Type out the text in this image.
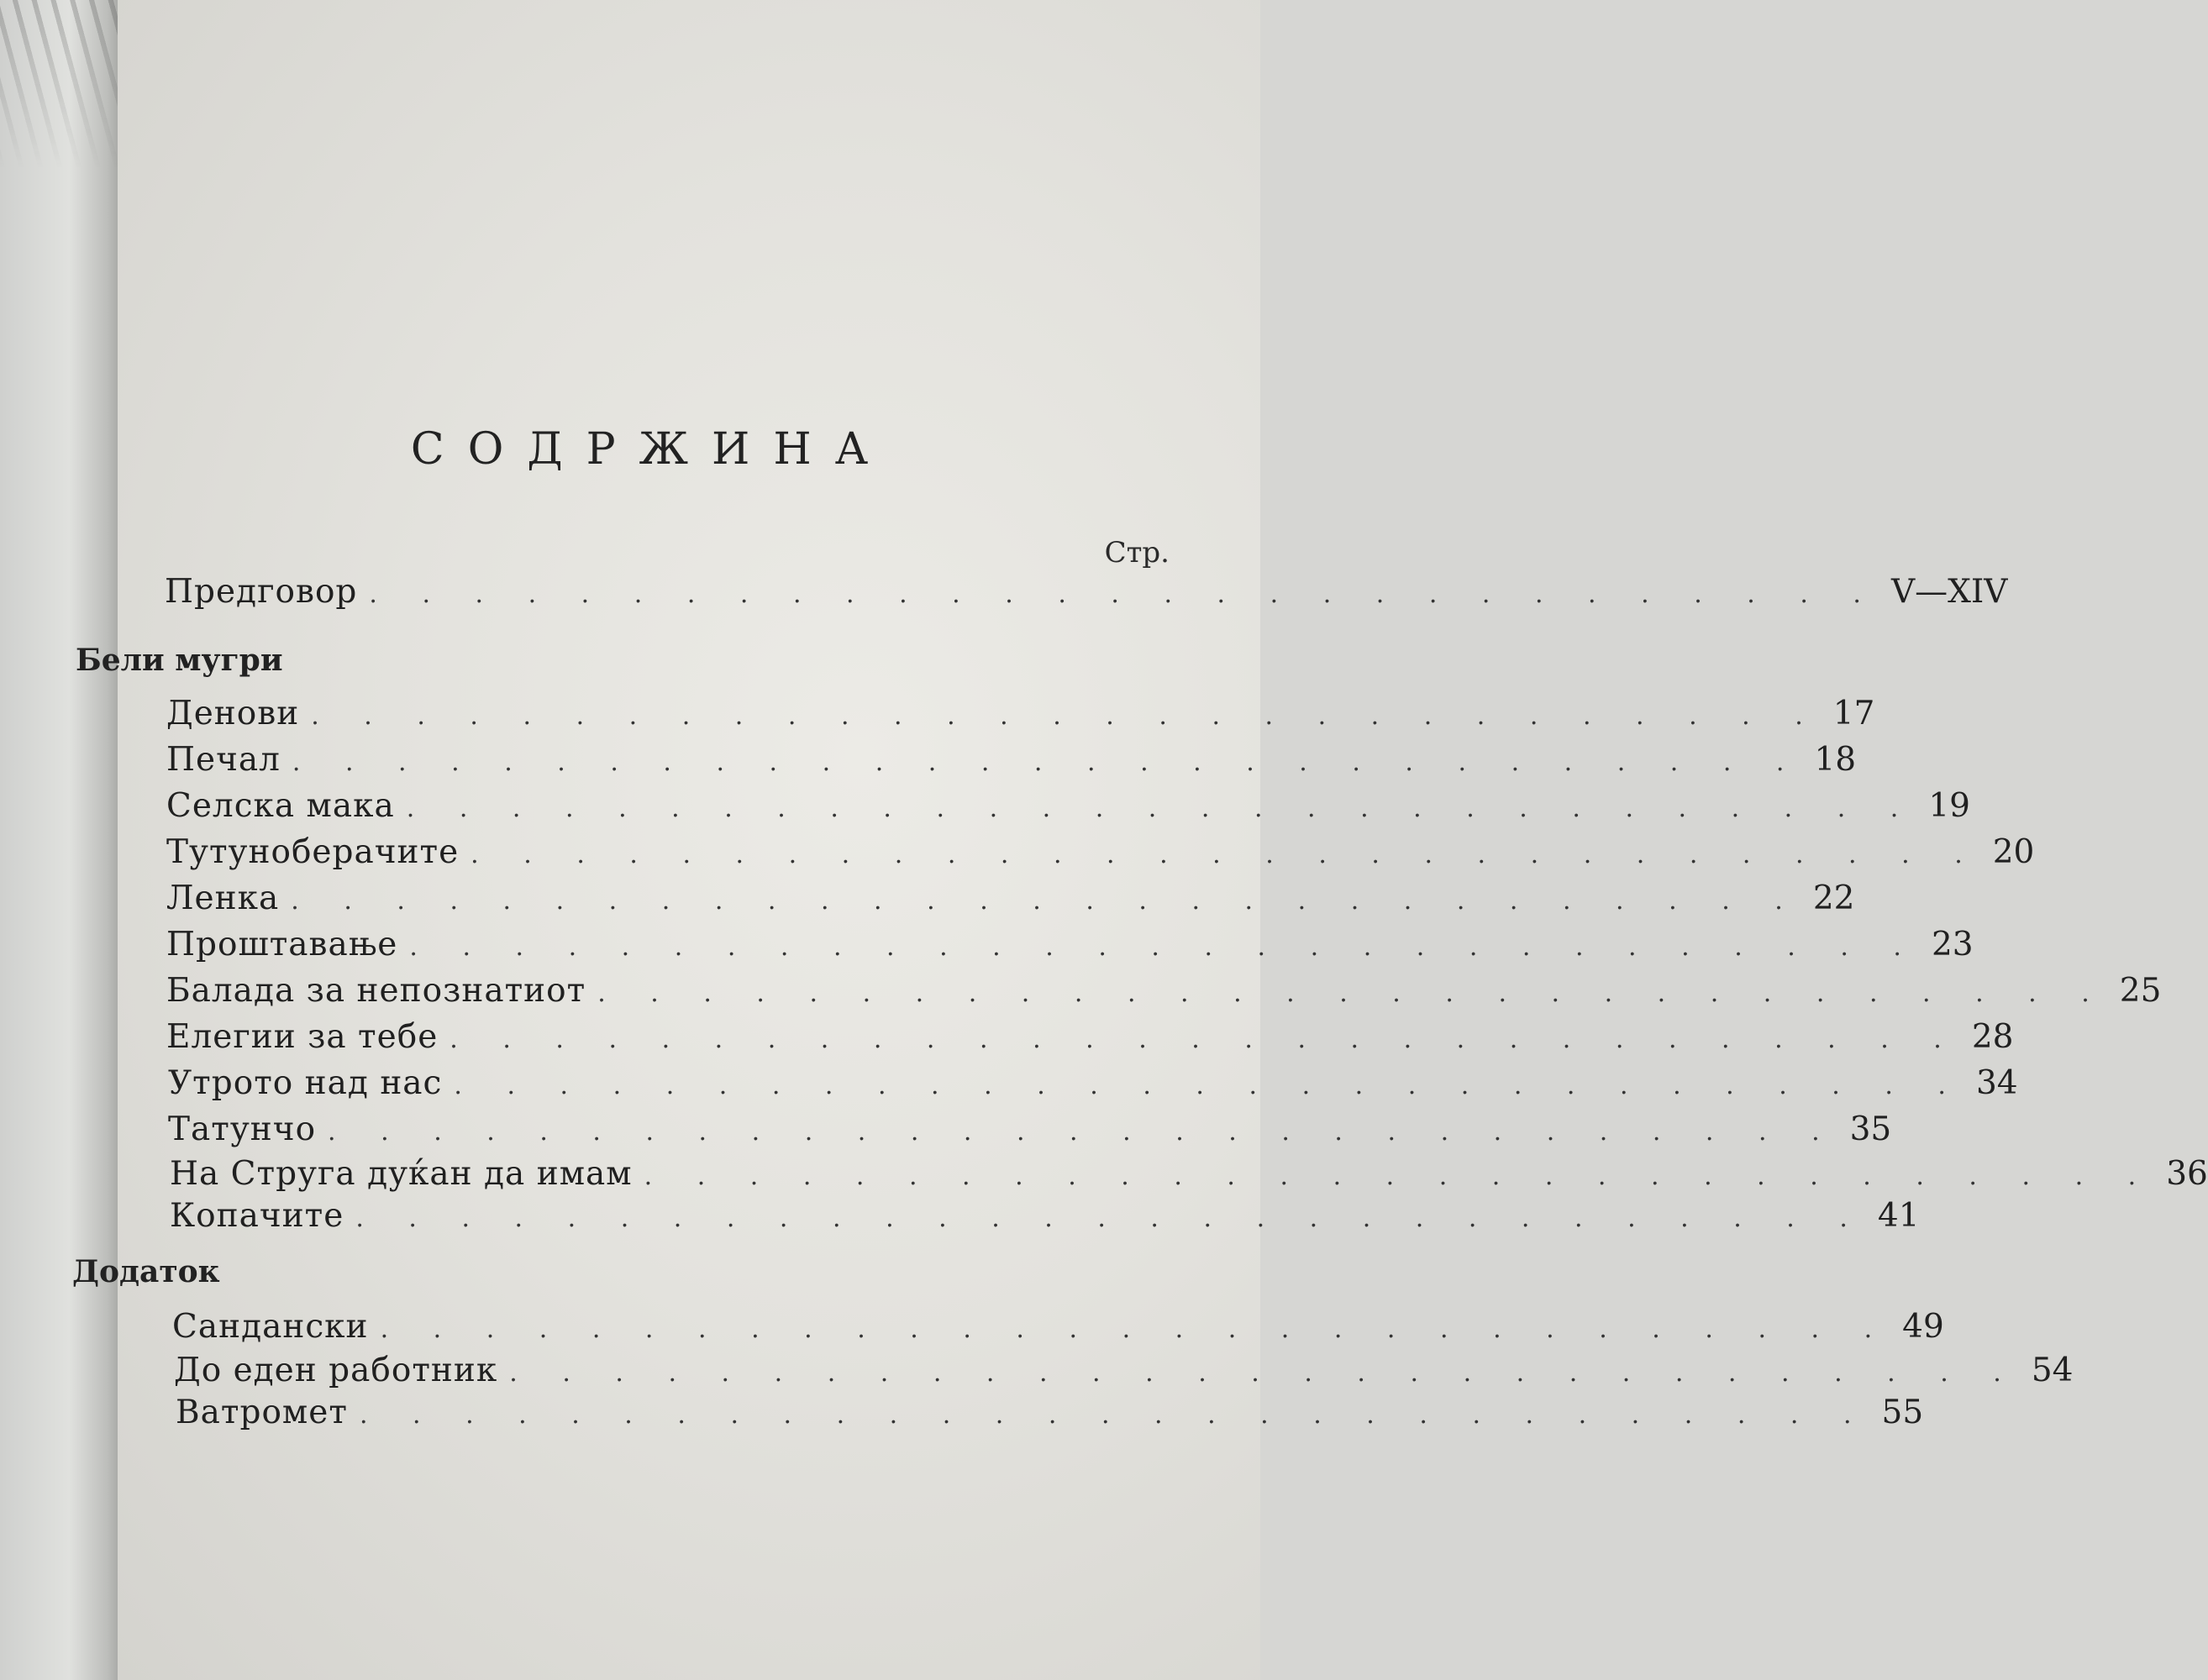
СОДРЖИНА
Стр.
Предговор . . . . . . . . . . . . . . . . . . . . . . . . . . . . . V—XIV
Бели мугри
Денови . . . . . . . . . . . . . . . . . . . . . . . . . . . . . 17
Печал . . . . . . . . . . . . . . . . . . . . . . . . . . . . . 18
Селска мака . . . . . . . . . . . . . . . . . . . . . . . . . . . . . 19
Тутуноберачите . . . . . . . . . . . . . . . . . . . . . . . . . . . . . 20
Ленка . . . . . . . . . . . . . . . . . . . . . . . . . . . . . 22
Проштавање . . . . . . . . . . . . . . . . . . . . . . . . . . . . . 23
Балада за непознатиот . . . . . . . . . . . . . . . . . . . . . . . . . . . . . 25
Елегии за тебе . . . . . . . . . . . . . . . . . . . . . . . . . . . . . 28
Утрото над нас . . . . . . . . . . . . . . . . . . . . . . . . . . . . . 34
Татунчо . . . . . . . . . . . . . . . . . . . . . . . . . . . . . 35
На Струга дуќан да имам . . . . . . . . . . . . . . . . . . . . . . . . . . . . . 36
Копачите . . . . . . . . . . . . . . . . . . . . . . . . . . . . . 41
Додаток
Сандански . . . . . . . . . . . . . . . . . . . . . . . . . . . . . 49
До еден работник . . . . . . . . . . . . . . . . . . . . . . . . . . . . . 54
Ватромет . . . . . . . . . . . . . . . . . . . . . . . . . . . . . 55
